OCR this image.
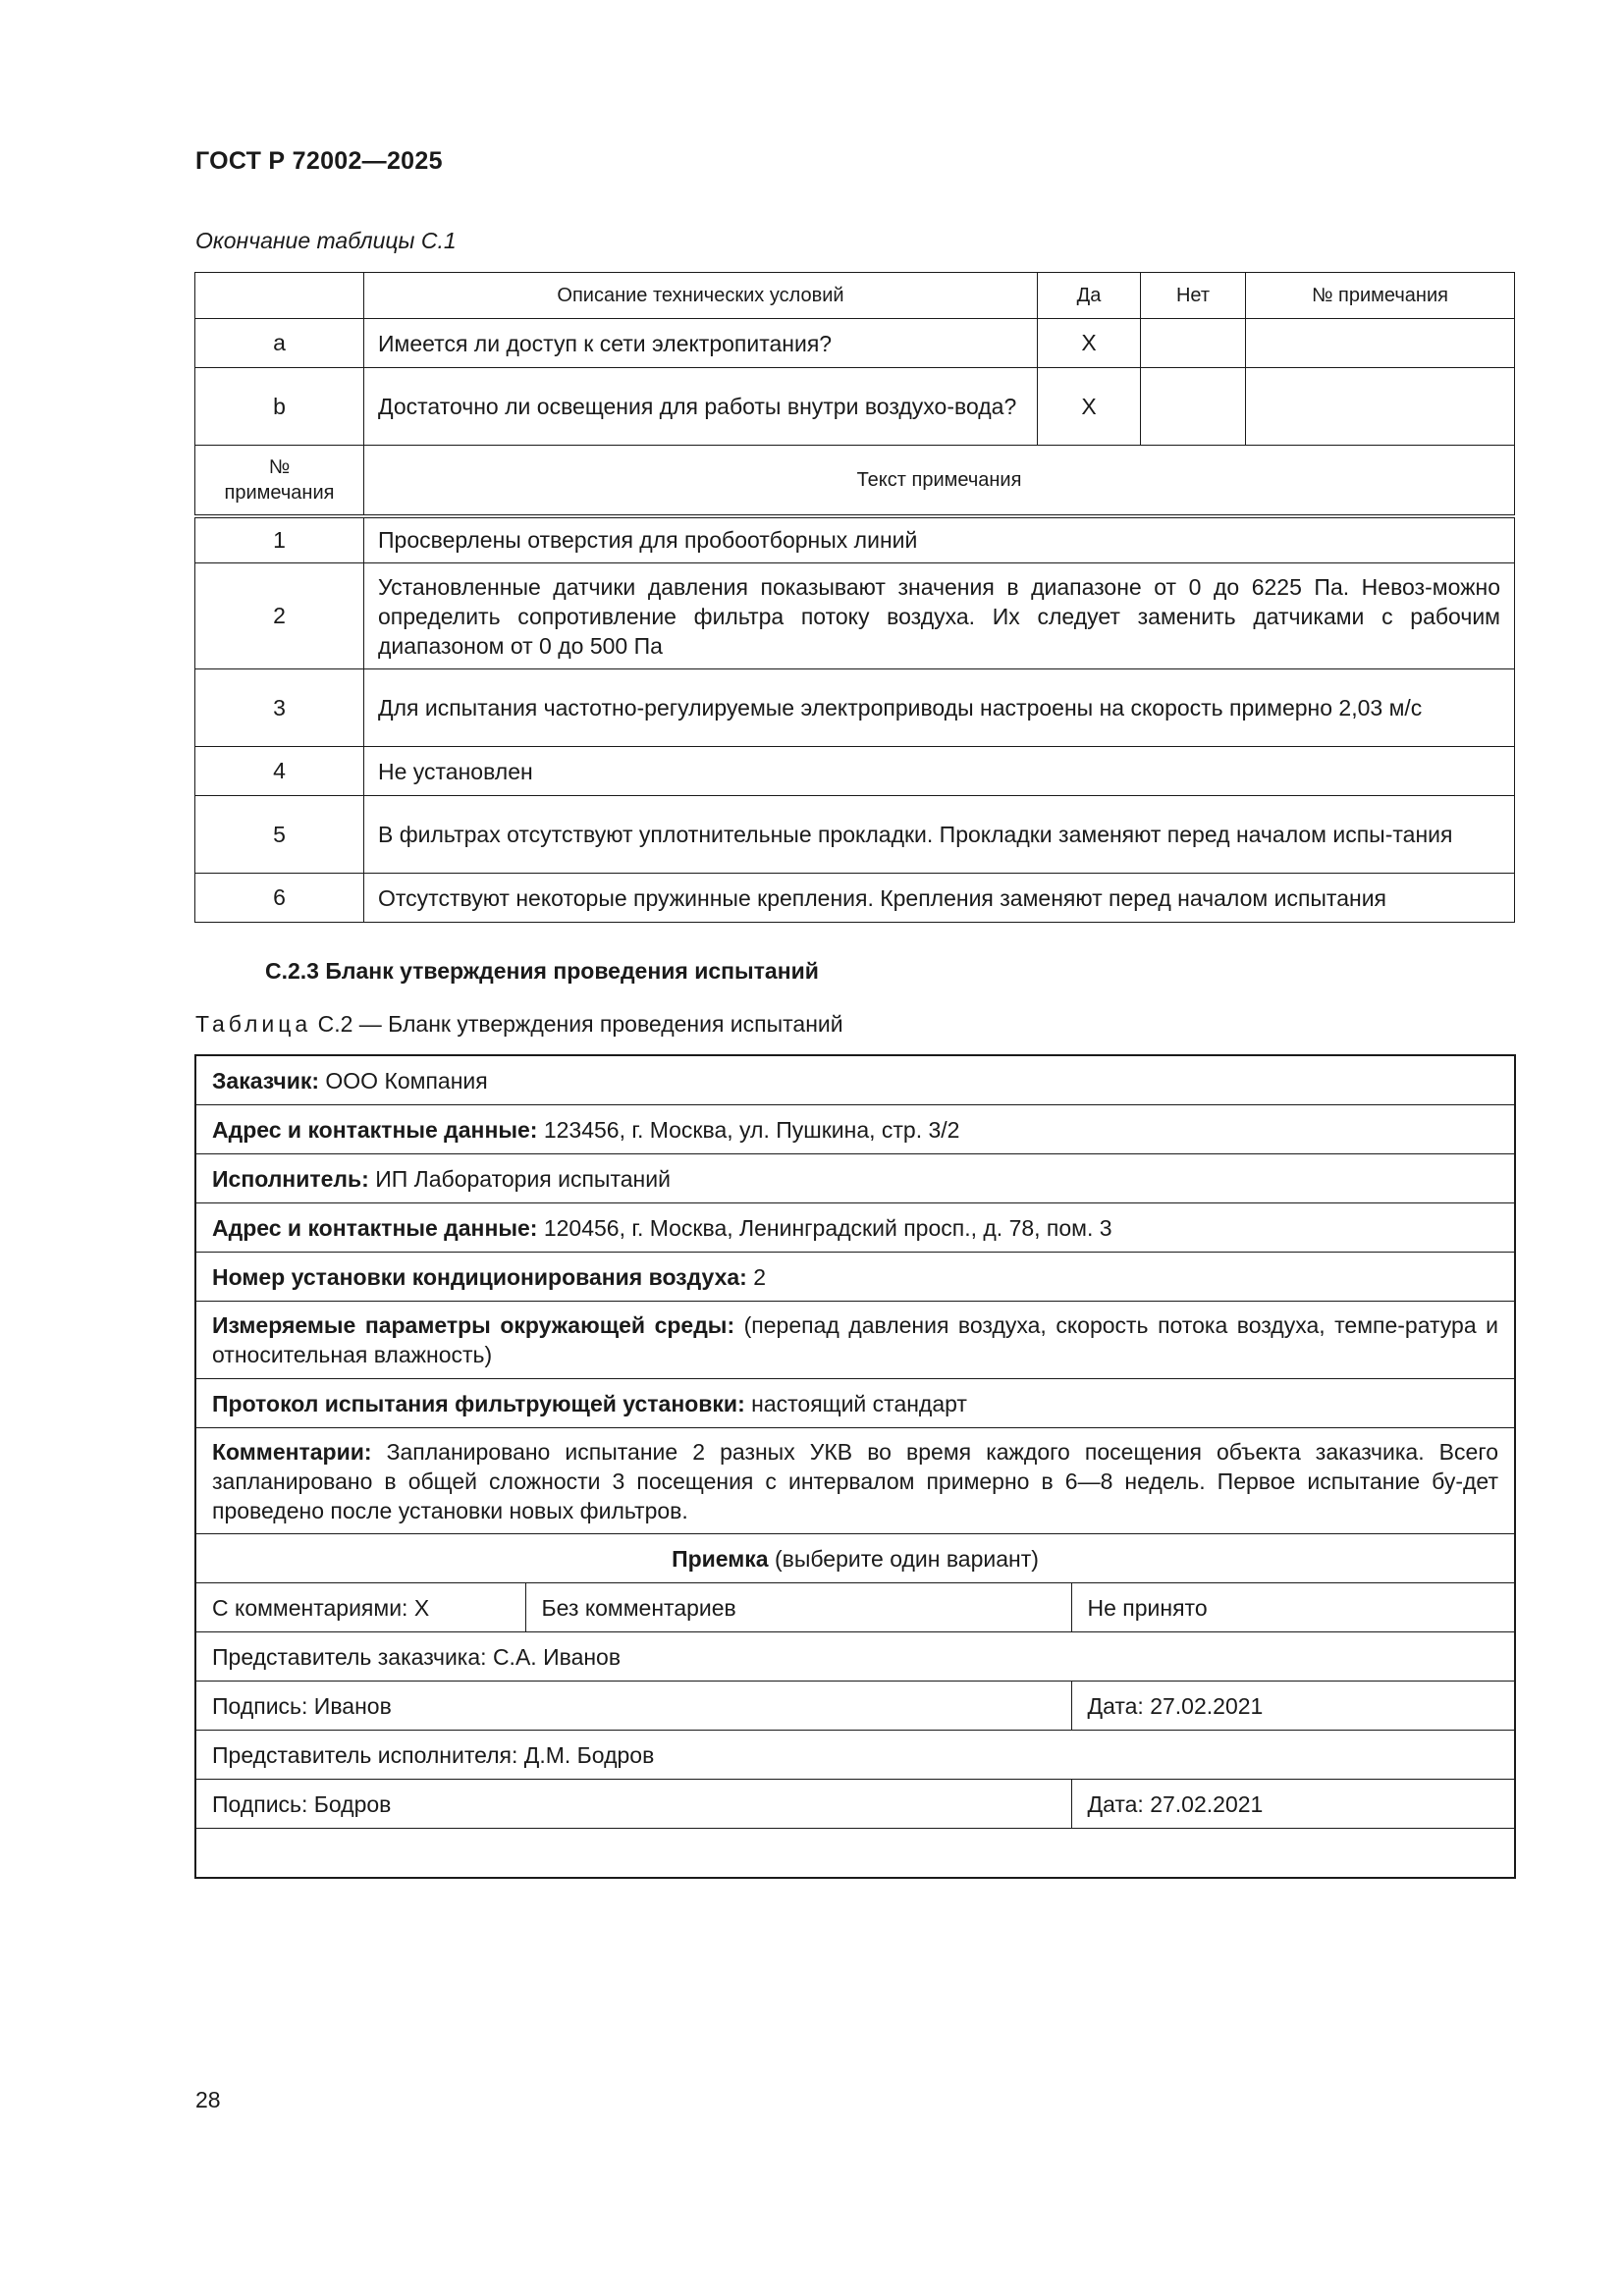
ГОСТ Р 72002—2025
Окончание таблицы С.1
	Описание технических условий	Да	Нет	№ примечания
a	Имеется ли доступ к сети электропитания?	X		
b	Достаточно ли освещения для работы внутри воздухо-вода?	X		
№
примечания	Текст примечания			
1	Просверлены отверстия для пробоотборных линий			
2	Установленные датчики давления показывают значения в диапазоне от 0 до 6225 Па. Невоз-можно определить сопротивление фильтра потоку воздуха. Их следует заменить датчиками с рабочим диапазоном от 0 до 500 Па			
3	Для испытания частотно-регулируемые электроприводы настроены на скорость примерно 2,03 м/с			
4	Не установлен			
5	В фильтрах отсутствуют уплотнительные прокладки. Прокладки заменяют перед началом испы-тания			
6	Отсутствуют некоторые пружинные крепления. Крепления заменяют перед началом испытания			
С.2.3 Бланк утверждения проведения испытаний
Таблица С.2 — Бланк утверждения проведения испытаний
Заказчик: ООО Компания		
Адрес и контактные данные: 123456, г. Москва, ул. Пушкина, стр. 3/2		
Исполнитель: ИП Лаборатория испытаний		
Адрес и контактные данные: 120456, г. Москва, Ленинградский просп., д. 78, пом. 3		
Номер установки кондиционирования воздуха: 2		
Измеряемые параметры окружающей среды: (перепад давления воздуха, скорость потока воздуха, темпе-ратура и относительная влажность)		
Протокол испытания фильтрующей установки: настоящий стандарт		
Комментарии: Запланировано испытание 2 разных УКВ во время каждого посещения объекта заказчика. Всего запланировано в общей сложности 3 посещения с интервалом примерно в 6—8 недель. Первое испытание бу-дет проведено после установки новых фильтров.		
Приемка (выберите один вариант)		
С комментариями: X	Без комментариев	Не принято
Представитель заказчика: С.А. Иванов		
Подпись: Иванов		Дата: 27.02.2021
Представитель исполнителя: Д.М. Бодров		
Подпись: Бодров		Дата: 27.02.2021

28
